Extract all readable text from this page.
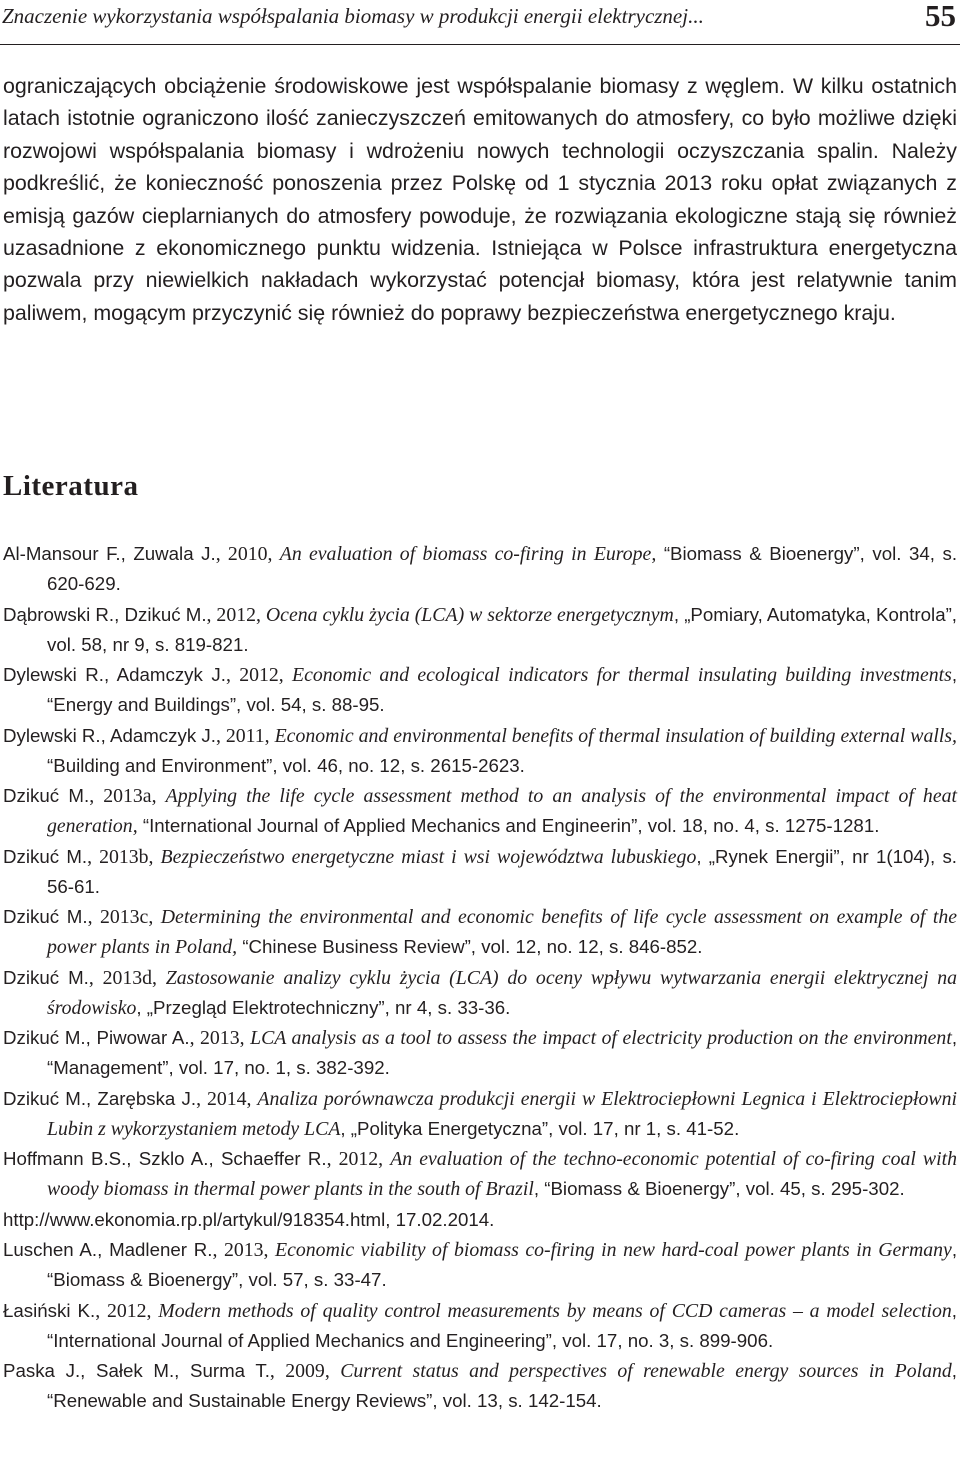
Znaczenie wykorzystania współspalania biomasy w produkcji energii elektrycznej...	55

ograniczających obciążenie środowiskowe jest współspalanie biomasy z węglem. W kilku ostatnich latach istotnie ograniczono ilość zanieczyszczeń emitowanych do atmosfery, co było możliwe dzięki rozwojowi współspalania biomasy i wdrożeniu nowych technologii oczyszczania spalin. Należy podkreślić, że konieczność ponoszenia przez Polskę od 1 stycznia 2013 roku opłat związanych z emisją gazów cieplarnianych do atmosfery powoduje, że rozwiązania ekologiczne stają się również uzasadnione z ekonomicznego punktu widzenia. Istniejąca w Polsce infrastruktura energetyczna pozwala przy niewielkich nakładach wykorzystać potencjał biomasy, która jest relatywnie tanim paliwem, mogącym przyczynić się również do poprawy bezpieczeństwa energetycznego kraju.

Literatura

Al-Mansour F., Zuwala J., 2010, An evaluation of biomass co-firing in Europe, “Biomass & Bioenergy”, vol. 34, s. 620-629.

Dąbrowski R., Dzikuć M., 2012, Ocena cyklu życia (LCA) w sektorze energetycznym, „Pomiary, Automatyka, Kontrola”, vol. 58, nr 9, s. 819-821.

Dylewski R., Adamczyk J., 2012, Economic and ecological indicators for thermal insulating building investments, “Energy and Buildings”, vol. 54, s. 88-95.

Dylewski R., Adamczyk J., 2011, Economic and environmental benefits of thermal insulation of building external walls, “Building and Environment”, vol. 46, no. 12, s. 2615-2623.

Dzikuć M., 2013a, Applying the life cycle assessment method to an analysis of the environmental impact of heat generation, “International Journal of Applied Mechanics and Engineerin”, vol. 18, no. 4, s. 1275-1281.

Dzikuć M., 2013b, Bezpieczeństwo energetyczne miast i wsi województwa lubuskiego, „Rynek Energii”, nr 1(104), s. 56-61.

Dzikuć M., 2013c, Determining the environmental and economic benefits of life cycle assessment on example of the power plants in Poland, “Chinese Business Review”, vol. 12, no. 12, s. 846-852.

Dzikuć M., 2013d, Zastosowanie analizy cyklu życia (LCA) do oceny wpływu wytwarzania energii elektrycznej na środowisko, „Przegląd Elektrotechniczny”, nr 4, s. 33-36.

Dzikuć M., Piwowar A., 2013, LCA analysis as a tool to assess the impact of electricity production on the environment, “Management”, vol. 17, no. 1, s. 382-392.

Dzikuć M., Zarębska J., 2014, Analiza porównawcza produkcji energii w Elektrociepłowni Legnica i Elektrociepłowni Lubin z wykorzystaniem metody LCA, „Polityka Energetyczna”, vol. 17, nr 1, s. 41-52.

Hoffmann B.S., Szklo A., Schaeffer R., 2012, An evaluation of the techno-economic potential of co-firing coal with woody biomass in thermal power plants in the south of Brazil, “Biomass & Bioenergy”, vol. 45, s. 295-302.

http://www.ekonomia.rp.pl/artykul/918354.html, 17.02.2014.

Luschen A., Madlener R., 2013, Economic viability of biomass co-firing in new hard-coal power plants in Germany, “Biomass & Bioenergy”, vol. 57, s. 33-47.

Łasiński K., 2012, Modern methods of quality control measurements by means of CCD cameras – a model selection, “International Journal of Applied Mechanics and Engineering”, vol. 17, no. 3, s. 899-906.

Paska J., Sałek M., Surma T., 2009, Current status and perspectives of renewable energy sources in Poland, “Renewable and Sustainable Energy Reviews”, vol. 13, s. 142-154.
